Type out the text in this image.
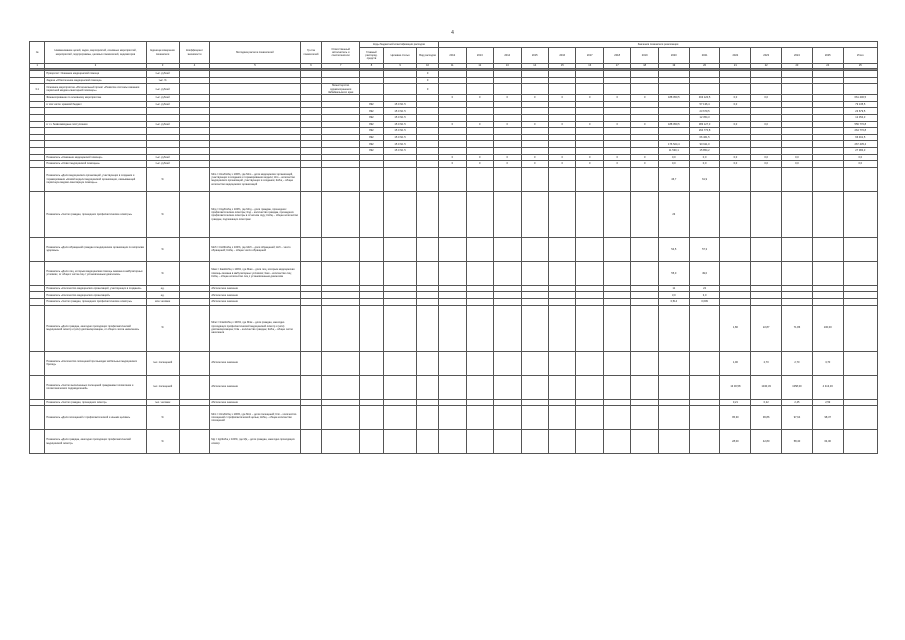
4
№	Наименование целей, задач, мероприятий, основных мероприятий, мероприятий, подпрограммы, целевых показателей, индикаторов	Единица измерения показателя	Коэффициент значимости	Методика расчета показателей	Гр-ппа показателей	Ответственный исполнитель и соисполнители	Коды бюджетной классификации расходов			Значения показателя реализации														
							Главный распоряд. средств	Целевая статья	Вид расходов	2012	2013	2014	2015	2016	2017	2018	2019	2020	2021	2022	2023	2024	2025	Итого
1	2	3	4	5	6	7	8	9	10	11	12	13	14	15	16	17	18	19	20	21	22	23	24	25

	Приоритет: Оказание медицинской помощи	тыс. рублей							0															
	Задача «Обеспечение медицинской помощи»	тыс. %							0															
3.1	Основное мероприятие «Региональный проект «Развитие системы оказания первичной медико-санитарной помощи»»	тыс. рублей				Министерство здравоохранения Забайкальского края			0															
	Финансирование по основному мероприятию	тыс. рублей								0	0	0	0	0	0	0	0	188 050,5	463 120,5	0,0	0,0			661 400,5
	в том числе: краевой бюджет	тыс. рублей					892	15 0 N1 5											57 136,4	0,0				79 135,5
							892	15 0 N1 5											23 679,5					23 679,5
							892	15 0 N1 5											12 354,3					12 354,3
	в т.ч. безвозмездные поступления	тыс. рублей					892	15 0 N1 5		0	0	0	0	0	0	0	0	188 050,5	383 127,3	0,0	0,0			556 770,8
							892	15 0 N1 5											264 770,8					264 770,8
							892	15 0 N1 5											66 461,5					66 461,5
							892	15 0 N1 5										176 524,4	90 911,0					267 435,4
							892	15 0 N1 5										11 530,1	15 854,2					27 384,3
	Показатель «Оказание медицинской помощи»	тыс. рублей								0	0	0	0	0	0	0	0	0,0	0,0	0,0	0,0	0,0		0,0
	Показатель «Охват медицинской помощью»	тыс. рублей								0	0	0	0	0	0	0	0	0,0	0,0	0,0	0,0	0,0		0,0
	Показатель «Доля медицинских организаций, участвующих в создании и тиражировании «Новой модели медицинской организации, оказывающей первичную медико-санитарную помощь»»	%		Мпо = Кпо/Кобщ x 100%, где Мпо – доля медицинских организаций, участвующих в создании и тиражировании модели; Кпо – количество медицинских организаций, участвующих в создании; Кобщ – общее количество медицинских организаций														46,7	61,9					
	Показатель «Число граждан, прошедших профилактические осмотры»	%		Мпд = Кпд/Кобщ x 100%, где Мпд – доля граждан, прошедших профилактические осмотры; Кпд – количество граждан, прошедших профилактические осмотры в отчетном году; Кобщ – общее количество граждан, подлежащих осмотрам														23						
	Показатель «Доля обращений граждан в медицинские организации по вопросам здоровья»	%		Моб = Коб/Кобщ x 100%, где Моб – доля обращений; Коб – число обращений; Кобщ – общее число обращений														54,5	57,3					
	Показатель «Доля лиц, которым медицинская помощь оказана в амбулаторных условиях, от общего числа лиц с установленным диагнозом»	%		Мам = Кам/Кобщ x 100%, где Мам – доля лиц, которым медицинская помощь оказана в амбулаторных условиях; Кам – количество лиц; Кобщ – общее количество лиц с установленным диагнозом														55,0	49,0					
	Показатель «Количество медицинских организаций, участвующих в создании»	ед.		Абсолютное значение														11	22					
	Показатель «Количество медицинских организаций»	ед.		Абсолютное значение														3,0	3,0					
	Показатель «Число граждан, прошедших профилактические осмотры»	млн человек		Абсолютное значение														0,514	0,609					
	Показатель «Доля граждан, ежегодно проходящих профилактический медицинский осмотр и (или) диспансеризацию, от общего числа населения»	%		Мпм = Кпм/Кобщ x 100%, где Мпм – доля граждан, ежегодно проходящих профилактический медицинский осмотр и (или) диспансеризацию; Кпм – количество граждан; Кобщ – общее число населения																1,80	22,87	71,86	100,00	
	Показатель «Количество посещений при выездах мобильных медицинских бригад»	тыс. посещений		Абсолютное значение																1,90	2,70	2,70	3,70	
	Показатель «Число выполненных посещений гражданами поликлиник и поликлинических подразделений»	тыс. посещений		Абсолютное значение																13 00,58	1340,33	1358,00	4 413,33	
	Показатель «Число граждан, прошедших осмотр»	тыс. человек		Абсолютное значение																0,21	0,22	2,45	2,59	
	Показатель «Доля посещений с профилактической и иными целями»	%		Мпп = Кпп/Кобщ x 100%, где Мпп – доля посещений; Кпп – количество посещений с профилактической целью; Кобщ – общее количество посещений																95,30	96,86	97,64	98,37	
	Показатель «Доля граждан, ежегодно проходящих профилактический медицинский осмотр»	%		Мд = Кд/Кобщ x 100%, где Мд – доля граждан, ежегодно проходящих осмотр																28,00	42,80	58,40	64,00	
